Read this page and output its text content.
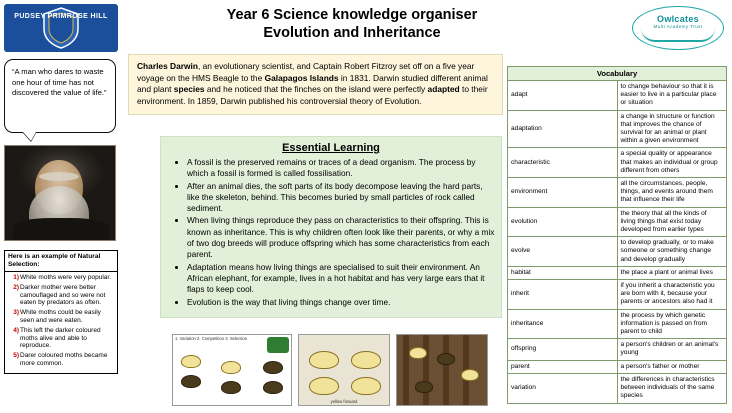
PUDSEY PRIMROSE HILL
“A man who dares to waste one hour of time has not discovered the value of life.”
Here is an example of Natural Selection:
White moths were very popular.
Darker mother were better camouflaged and so were not eaten by predators as often.
White moths could be easily seen and were eaten.
This left the darker coloured moths alive and able to reproduce.
Darer coloured moths became more common.
Year 6 Science knowledge organiser
Evolution and Inheritance
Owlcates
Multi Academy Trust
Charles Darwin, an evolutionary scientist, and Captain Robert Fitzroy set off on a five year voyage on the HMS Beagle to the Galapagos Islands in 1831. Darwin studied different animal and plant species and he noticed that the finches on the island were perfectly adapted to their environment. In 1859, Darwin published his controversial theory of Evolution.
Essential Learning
• A fossil is the preserved remains or traces of a dead organism. The process by which a fossil is formed is called fossilisation.
• After an animal dies, the soft parts of its body decompose leaving the hard parts, like the skeleton, behind. This becomes buried by small particles of rock called sediment.
• When living things reproduce they pass on characteristics to their offspring. This is known as inheritance. This is why children often look like their parents, or why a mix of two dog breeds will produce offspring which has some characteristics from each parent.
• Adaptation means how living things are specialised to suit their environment. An African elephant, for example, lives in a hot habitat and has very large ears that it flaps to keep cool.
• Evolution is the way that living things change over time.
1. Variation 2. Competition 3. Selection
yellow forward
Vocabulary	
adapt	to change behaviour so that it is easier to live in a particular place or situation
adaptation	a change in structure or function that improves the chance of survival for an animal or plant within a given environment
characteristic	a special quality or appearance that makes an individual or group different from others
environment	all the circumstances, people, things, and events around them that influence their life
evolution	the theory that all the kinds of living things that exist today developed from earlier types
evolve	to develop gradually, or to make someone or something change and develop gradually
habitat	the place a plant or animal lives
inherit	if you inherit a characteristic you are born with it, because your parents or ancestors also had it
inheritance	the process by which genetic information is passed on from parent to child
offspring	a person's children or an animal's young
parent	a person's father or mother
variation	the differences in characteristics between individuals of the same species
